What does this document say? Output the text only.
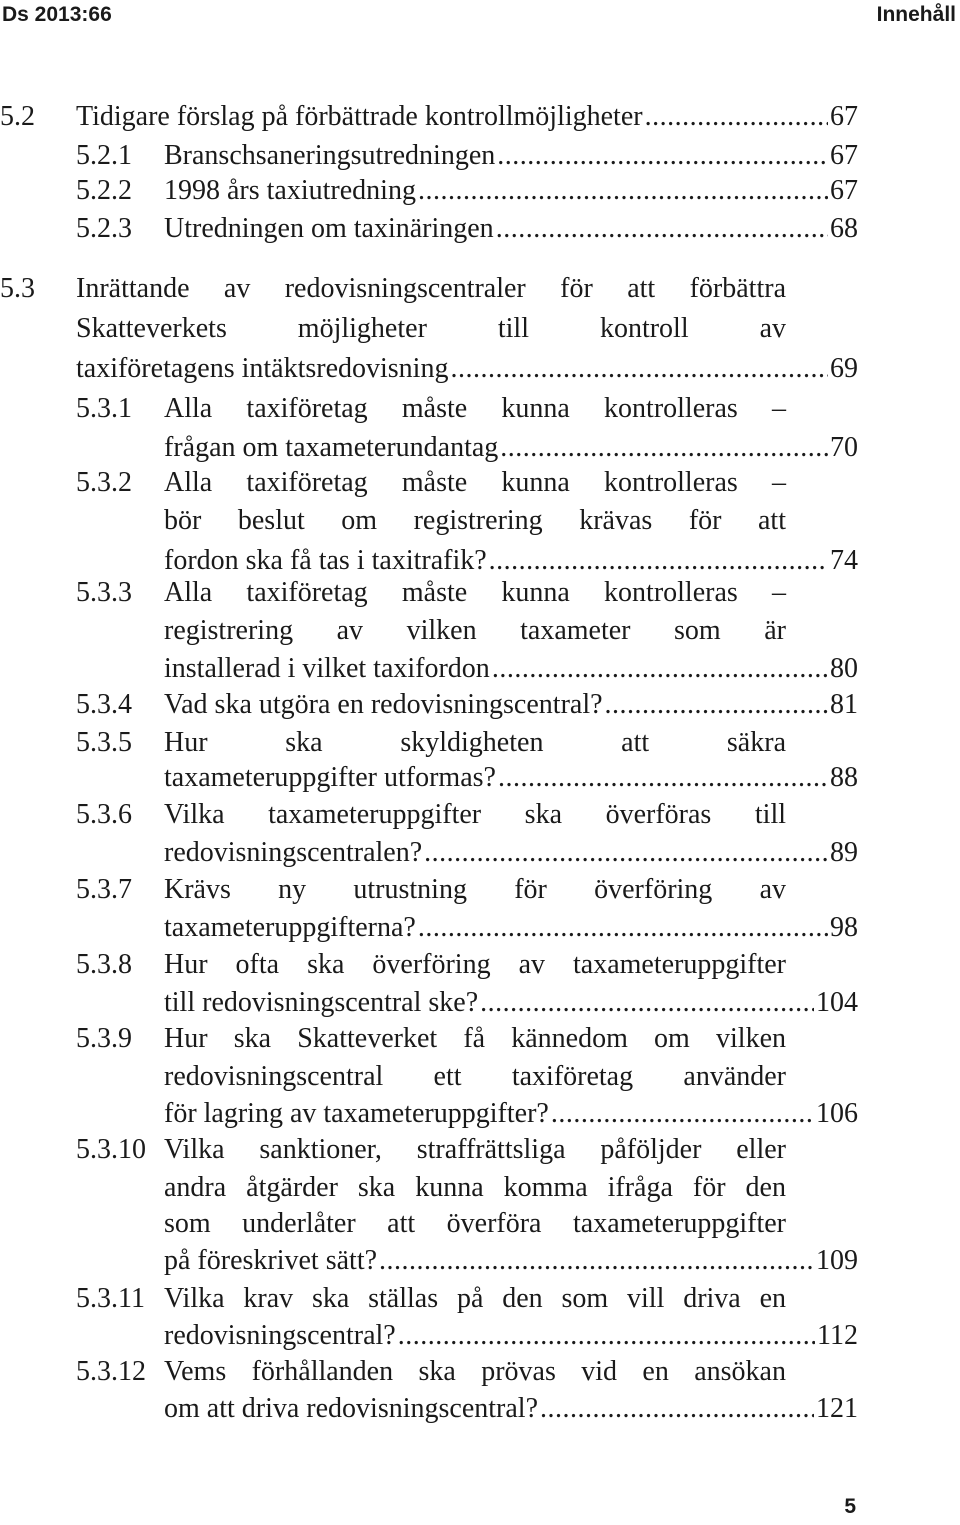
Ds 2013:66	Innehåll
5.2 Tidigare förslag på förbättrade kontrollmöjligheter .....	67
5.2.1 Branschsaneringsutredningen .....	67
5.2.2 1998 års taxiutredning .....	67
5.2.3 Utredningen om taxinäringen .....	68
5.3 Inrättande av redovisningscentraler för att förbättra
Skatteverkets möjligheter till kontroll av
taxiföretagens intäktsredovisning .....	69
5.3.1 Alla taxiföretag måste kunna kontrolleras –
frågan om taxameterundantag .....	70
5.3.2 Alla taxiföretag måste kunna kontrolleras –
bör beslut om registrering krävas för att
fordon ska få tas i taxitrafik? .....	74
5.3.3 Alla taxiföretag måste kunna kontrolleras –
registrering av vilken taxameter som är
installerad i vilket taxifordon .....	80
5.3.4 Vad ska utgöra en redovisningscentral? .....	81
5.3.5 Hur ska skyldigheten att säkra
taxameteruppgifter utformas? .....	88
5.3.6 Vilka taxameteruppgifter ska överföras till
redovisningscentralen? .....	89
5.3.7 Krävs ny utrustning för överföring av
taxameteruppgifterna? .....	98
5.3.8 Hur ofta ska överföring av taxameteruppgifter
till redovisningscentral ske? .....	104
5.3.9 Hur ska Skatteverket få kännedom om vilken
redovisningscentral ett taxiföretag använder
för lagring av taxameteruppgifter? .....	106
5.3.10 Vilka sanktioner, straffrättsliga påföljder eller
andra åtgärder ska kunna komma ifråga för den
som underlåter att överföra taxameteruppgifter
på föreskrivet sätt? .....	109
5.3.11 Vilka krav ska ställas på den som vill driva en
redovisningscentral? .....	112
5.3.12 Vems förhållanden ska prövas vid en ansökan
om att driva redovisningscentral? .....	121
5
